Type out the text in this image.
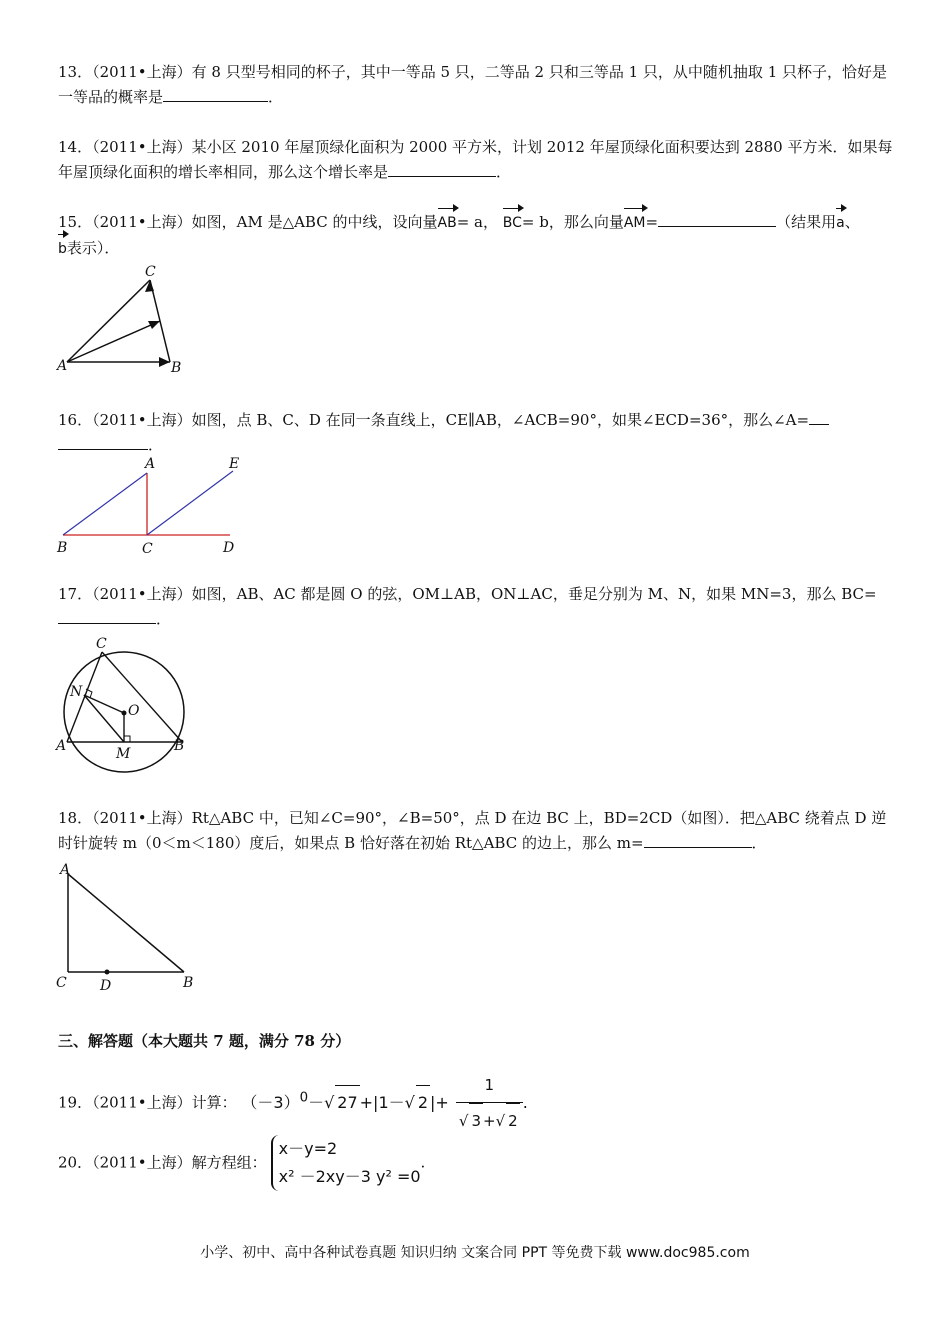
13．（2011•上海）有 8 只型号相同的杯子，其中一等品 5 只，二等品 2 只和三等品 1 只，从中随机抽取 1 只杯子，恰好是一等品的概率是	．
14．（2011•上海）某小区 2010 年屋顶绿化面积为 2000 平方米，计划 2012 年屋顶绿化面积要达到 2880 平方米．如果每年屋顶绿化面积的增长率相同，那么这个增长率是	．
15．（2011•上海）如图，AM 是△ABC 的中线，设向量AB= a， BC= b，那么向量AM=	（结果用a、
b表示）．
C
A	B
16．（2011•上海）如图，点 B、C、D 在同一条直线上，CE∥AB，∠ACB=90°，如果∠ECD=36°，那么∠A=
．
A	E
B	C	D
17．（2011•上海）如图，AB、AC 都是圆 O 的弦，OM⊥AB，ON⊥AC，垂足分别为 M、N，如果 MN=3，那么 BC=．
C
N
O
A	M	B
18．（2011•上海）Rt△ABC 中，已知∠C=90°，∠B=50°，点 D 在边 BC 上，BD=2CD（如图）．把△ABC 绕着点 D 逆时针旋转 m（0＜m＜180）度后，如果点 B 恰好落在初始 Rt△ABC 的边上，那么 m=	．
A
C D	B
三、解答题（本大题共 7 题，满分 78 分）
19．（2011•上海）计算： $(-3)^0-√$ 27 +|1－√ 2 |+ $\frac{1}{√ 3 +√ 2}$ .
20．（2011•上海）解方程组：
x－y=2
x² －2xy－3 y² =0
.
小学、初中、高中各种试卷真题 知识归纳 文案合同 PPT 等免费下载 www.doc985.com
